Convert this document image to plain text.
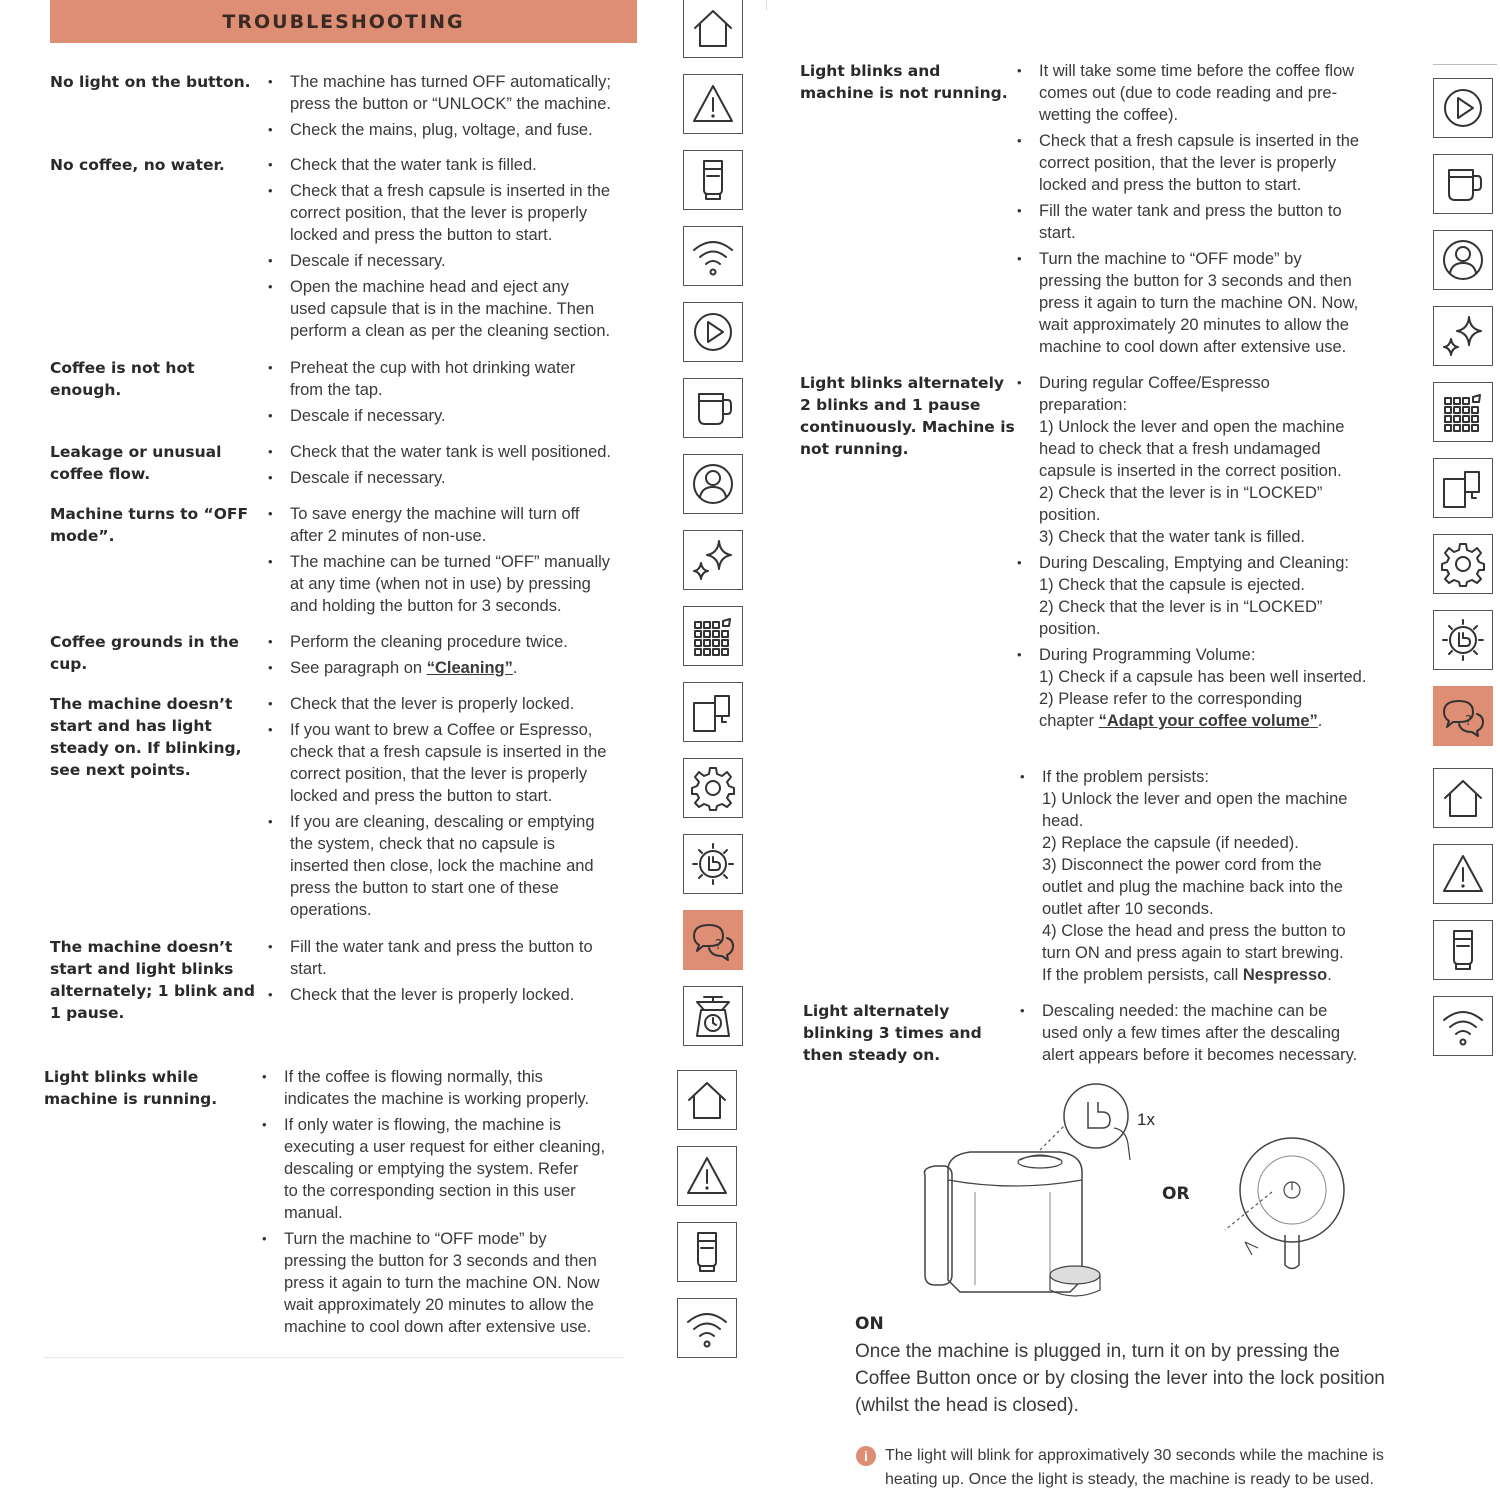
TROUBLESHOOTING
No light on the button.	• The machine has turned OFF automatically;
press the button or “UNLOCK” the machine.
• Check the mains, plug, voltage, and fuse.
No coffee, no water.	• Check that the water tank is filled.
• Check that a fresh capsule is inserted in the
correct position, that the lever is properly
locked and press the button to start.
• Descale if necessary.
• Open the machine head and eject any
used capsule that is in the machine. Then
perform a clean as per the cleaning section.
Coffee is not hot
enough.
• Preheat the cup with hot drinking water
from the tap.
• Descale if necessary.
Leakage or unusual
coffee flow.
• Check that the water tank is well positioned.
• Descale if necessary.
Machine turns to “OFF
mode”.
• To save energy the machine will turn off
after 2 minutes of non-use.
• The machine can be turned “OFF” manually
at any time (when not in use) by pressing
and holding the button for 3 seconds.
Coffee grounds in the
cup.
• Perform the cleaning procedure twice.
• See paragraph on “Cleaning”.
The machine doesn’t
start and has light
steady on. If blinking,
see next points.
• Check that the lever is properly locked.
• If you want to brew a Coffee or Espresso,
check that a fresh capsule is inserted in the
correct position, that the lever is properly
locked and press the button to start.
• If you are cleaning, descaling or emptying
the system, check that no capsule is
inserted then close, lock the machine and
press the button to start one of these
operations.
The machine doesn’t
start and light blinks
alternately; 1 blink and
1 pause.
• Fill the water tank and press the button to
start.
• Check that the lever is properly locked.
Light blinks while
machine is running.
• If the coffee is flowing normally, this
indicates the machine is working properly.
• If only water is flowing, the machine is
executing a user request for either cleaning,
descaling or emptying the system. Refer
to the corresponding section in this user
manual.
• Turn the machine to “OFF mode” by
pressing the button for 3 seconds and then
press it again to turn the machine ON. Now
wait approximately 20 minutes to allow the
machine to cool down after extensive use.
?
Light blinks and
machine is not running.
• It will take some time before the coffee flow
comes out (due to code reading and pre-
wetting the coffee).
• Check that a fresh capsule is inserted in the
correct position, that the lever is properly
locked and press the button to start.
• Fill the water tank and press the button to
start.
• Turn the machine to “OFF mode” by
pressing the button for 3 seconds and then
press it again to turn the machine ON. Now,
wait approximately 20 minutes to allow the
machine to cool down after extensive use.
Light blinks alternately
2 blinks and 1 pause
continuously. Machine is
not running.
• During regular Coffee/Espresso
preparation:
1) Unlock the lever and open the machine
head to check that a fresh undamaged
capsule is inserted in the correct position.
2) Check that the lever is in “LOCKED”
position.
3) Check that the water tank is filled.
• During Descaling, Emptying and Cleaning:
1) Check that the capsule is ejected.
2) Check that the lever is in “LOCKED”
position.
• During Programming Volume:
1) Check if a capsule has been well inserted.
2) Please refer to the corresponding
chapter “Adapt your coffee volume”.
• If the problem persists:
1) Unlock the lever and open the machine
head.
2) Replace the capsule (if needed).
3) Disconnect the power cord from the
outlet and plug the machine back into the
outlet after 10 seconds.
4) Close the head and press the button to
turn ON and press again to start brewing.
If the problem persists, call Nespresso.
Light alternately
blinking 3 times and
then steady on.
• Descaling needed: the machine can be
used only a few times after the descaling
alert appears before it becomes necessary.
1x
OR
ON
Once the machine is plugged in, turn it on by pressing the
Coffee Button once or by closing the lever into the lock position
(whilst the head is closed).
i	The light will blink for approximatively 30 seconds while the machine is
heating up. Once the light is steady, the machine is ready to be used.
?
